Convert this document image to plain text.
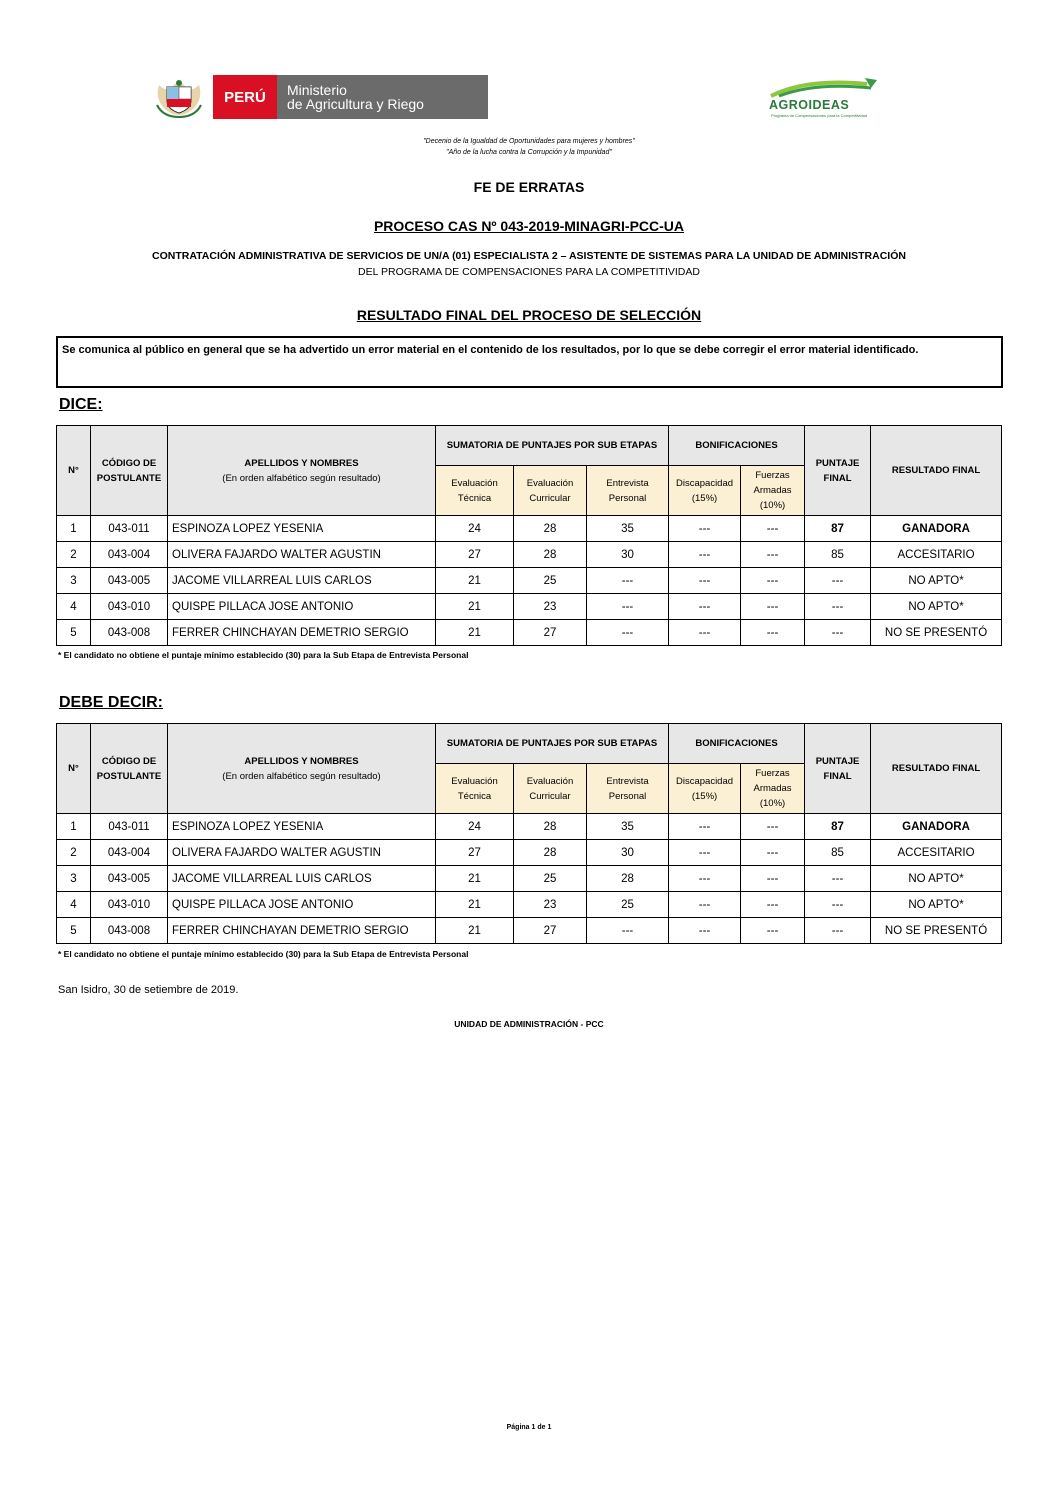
PERÚ	Ministerio
de Agricultura y Riego	AGROIDEAS
Programa de Compensaciones para la Competitividad
"Decenio de la Igualdad de Oportunidades para mujeres y hombres"
"Año de la lucha contra la Corrupción y la Impunidad"
FE DE ERRATAS
PROCESO CAS Nº 043-2019-MINAGRI-PCC-UA
CONTRATACIÓN ADMINISTRATIVA DE SERVICIOS DE UN/A (01) ESPECIALISTA 2 – ASISTENTE DE SISTEMAS PARA LA UNIDAD DE ADMINISTRACIÓN
DEL PROGRAMA DE COMPENSACIONES PARA LA COMPETITIVIDAD
RESULTADO FINAL DEL PROCESO DE SELECCIÓN
Se comunica al público en general que se ha advertido un error material en el contenido de los resultados, por lo que se debe corregir el error material identificado.
DICE:
N°	CÓDIGO DE POSTULANTE	APELLIDOS Y NOMBRES
(En orden alfabético según resultado)	SUMATORIA DE PUNTAJES POR SUB ETAPAS			BONIFICACIONES		PUNTAJE FINAL	RESULTADO FINAL
			Evaluación Técnica	Evaluación Curricular	Entrevista Personal	Discapacidad (15%)	Fuerzas Armadas (10%)		
1	043-011	ESPINOZA LOPEZ YESENIA	24	28	35	---	---	87	GANADORA
2	043-004	OLIVERA FAJARDO WALTER AGUSTIN	27	28	30	---	---	85	ACCESITARIO
3	043-005	JACOME VILLARREAL LUIS CARLOS	21	25	---	---	---	---	NO APTO*
4	043-010	QUISPE PILLACA JOSE ANTONIO	21	23	---	---	---	---	NO APTO*
5	043-008	FERRER CHINCHAYAN DEMETRIO SERGIO	21	27	---	---	---	---	NO SE PRESENTÓ
* El candidato no obtiene el puntaje mínimo establecido (30) para la Sub Etapa de Entrevista Personal
DEBE DECIR:
N°	CÓDIGO DE POSTULANTE	APELLIDOS Y NOMBRES
(En orden alfabético según resultado)	SUMATORIA DE PUNTAJES POR SUB ETAPAS			BONIFICACIONES		PUNTAJE FINAL	RESULTADO FINAL
			Evaluación Técnica	Evaluación Curricular	Entrevista Personal	Discapacidad (15%)	Fuerzas Armadas (10%)		
1	043-011	ESPINOZA LOPEZ YESENIA	24	28	35	---	---	87	GANADORA
2	043-004	OLIVERA FAJARDO WALTER AGUSTIN	27	28	30	---	---	85	ACCESITARIO
3	043-005	JACOME VILLARREAL LUIS CARLOS	21	25	28	---	---	---	NO APTO*
4	043-010	QUISPE PILLACA JOSE ANTONIO	21	23	25	---	---	---	NO APTO*
5	043-008	FERRER CHINCHAYAN DEMETRIO SERGIO	21	27	---	---	---	---	NO SE PRESENTÓ
* El candidato no obtiene el puntaje mínimo establecido (30) para la Sub Etapa de Entrevista Personal
San Isidro, 30 de setiembre de 2019.
UNIDAD DE ADMINISTRACIÓN - PCC
Página 1 de 1
